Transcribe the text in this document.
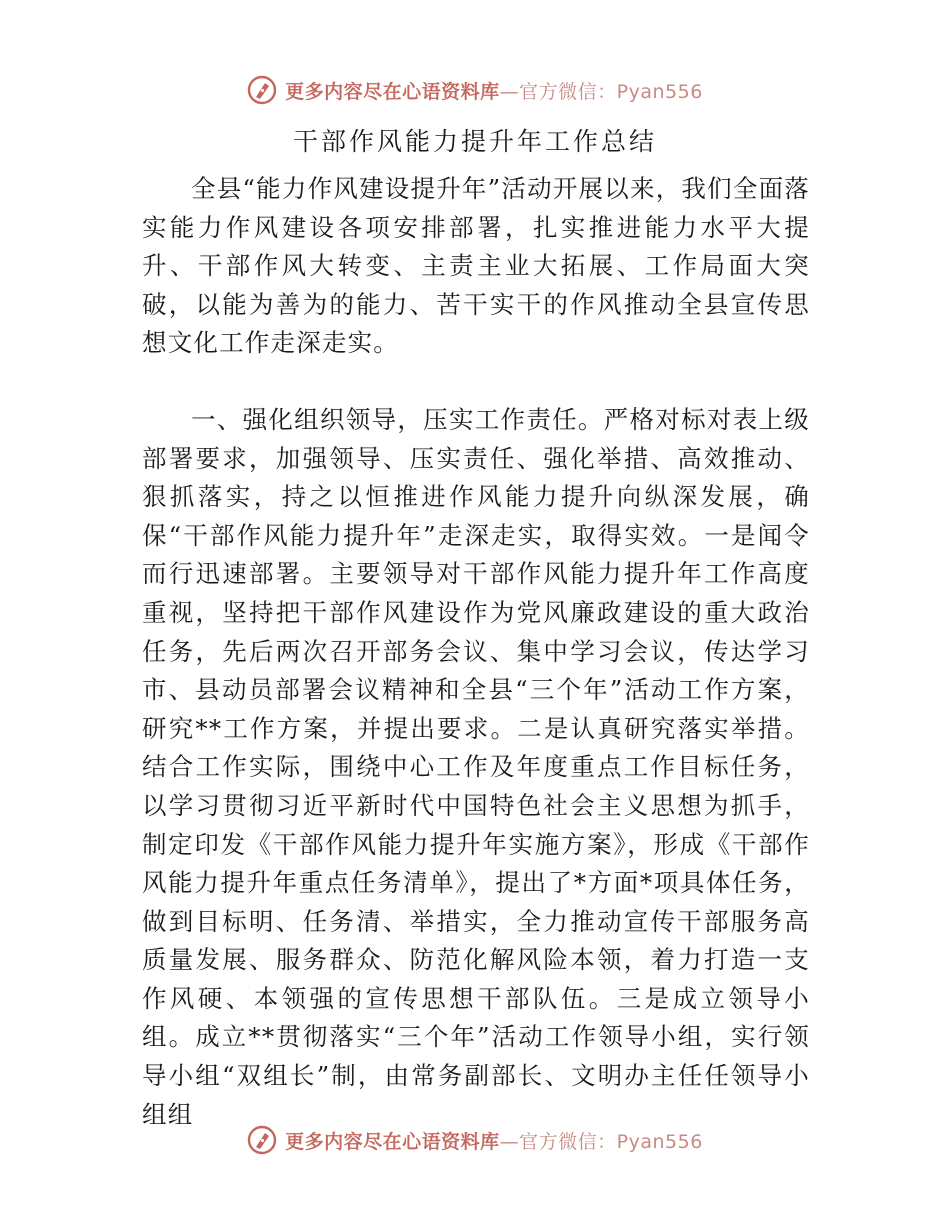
更多内容尽在心语资料库—官方微信：Pyan556
干部作风能力提升年工作总结

全县“能力作风建设提升年”活动开展以来，我们全面落实能力作风建设各项安排部署，扎实推进能力水平大提升、干部作风大转变、主责主业大拓展、工作局面大突破，以能为善为的能力、苦干实干的作风推动全县宣传思想文化工作走深走实。

一、强化组织领导，压实工作责任。严格对标对表上级部署要求，加强领导、压实责任、强化举措、高效推动、狠抓落实，持之以恒推进作风能力提升向纵深发展，确保“干部作风能力提升年”走深走实，取得实效。一是闻令而行迅速部署。主要领导对干部作风能力提升年工作高度重视，坚持把干部作风建设作为党风廉政建设的重大政治任务，先后两次召开部务会议、集中学习会议，传达学习市、县动员部署会议精神和全县“三个年”活动工作方案，研究**工作方案，并提出要求。二是认真研究落实举措。结合工作实际，围绕中心工作及年度重点工作目标任务，以学习贯彻习近平新时代中国特色社会主义思想为抓手，制定印发《干部作风能力提升年实施方案》，形成《干部作风能力提升年重点任务清单》，提出了*方面*项具体任务，做到目标明、任务清、举措实，全力推动宣传干部服务高质量发展、服务群众、防范化解风险本领，着力打造一支作风硬、本领强的宣传思想干部队伍。三是成立领导小组。成立**贯彻落实“三个年”活动工作领导小组，实行领导小组“双组长”制，由常务副部长、文明办主任任领导小组组

更多内容尽在心语资料库—官方微信：Pyan556
